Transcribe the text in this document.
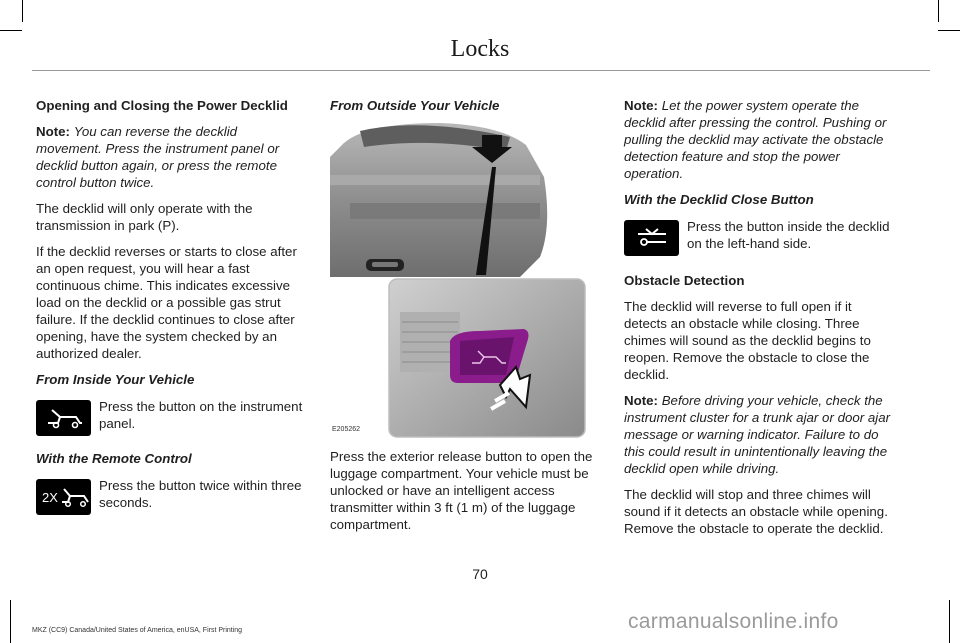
Locks

Opening and Closing the Power Decklid

Note: You can reverse the decklid movement. Press the instrument panel or decklid button again, or press the remote control button twice.

The decklid will only operate with the transmission in park (P).

If the decklid reverses or starts to close after an open request, you will hear a fast continuous chime. This indicates excessive load on the decklid or a possible gas strut failure. If the decklid continues to close after opening, have the system checked by an authorized dealer.

From Inside Your Vehicle

Press the button on the instrument panel.

With the Remote Control

2X
Press the button twice within three seconds.

From Outside Your Vehicle

E205262

Press the exterior release button to open the luggage compartment. Your vehicle must be unlocked or have an intelligent access transmitter within 3 ft (1 m) of the luggage compartment.

Note: Let the power system operate the decklid after pressing the control. Pushing or pulling the decklid may activate the obstacle detection feature and stop the power operation.

With the Decklid Close Button

Press the button inside the decklid on the left-hand side.

Obstacle Detection

The decklid will reverse to full open if it detects an obstacle while closing. Three chimes will sound as the decklid begins to reopen. Remove the obstacle to close the decklid.

Note: Before driving your vehicle, check the instrument cluster for a trunk ajar or door ajar message or warning indicator. Failure to do this could result in unintentionally leaving the decklid open while driving.

The decklid will stop and three chimes will sound if it detects an obstacle while opening. Remove the obstacle to operate the decklid.

70
MKZ (CC9) Canada/United States of America, enUSA, First Printing	carmanualsonline.info
